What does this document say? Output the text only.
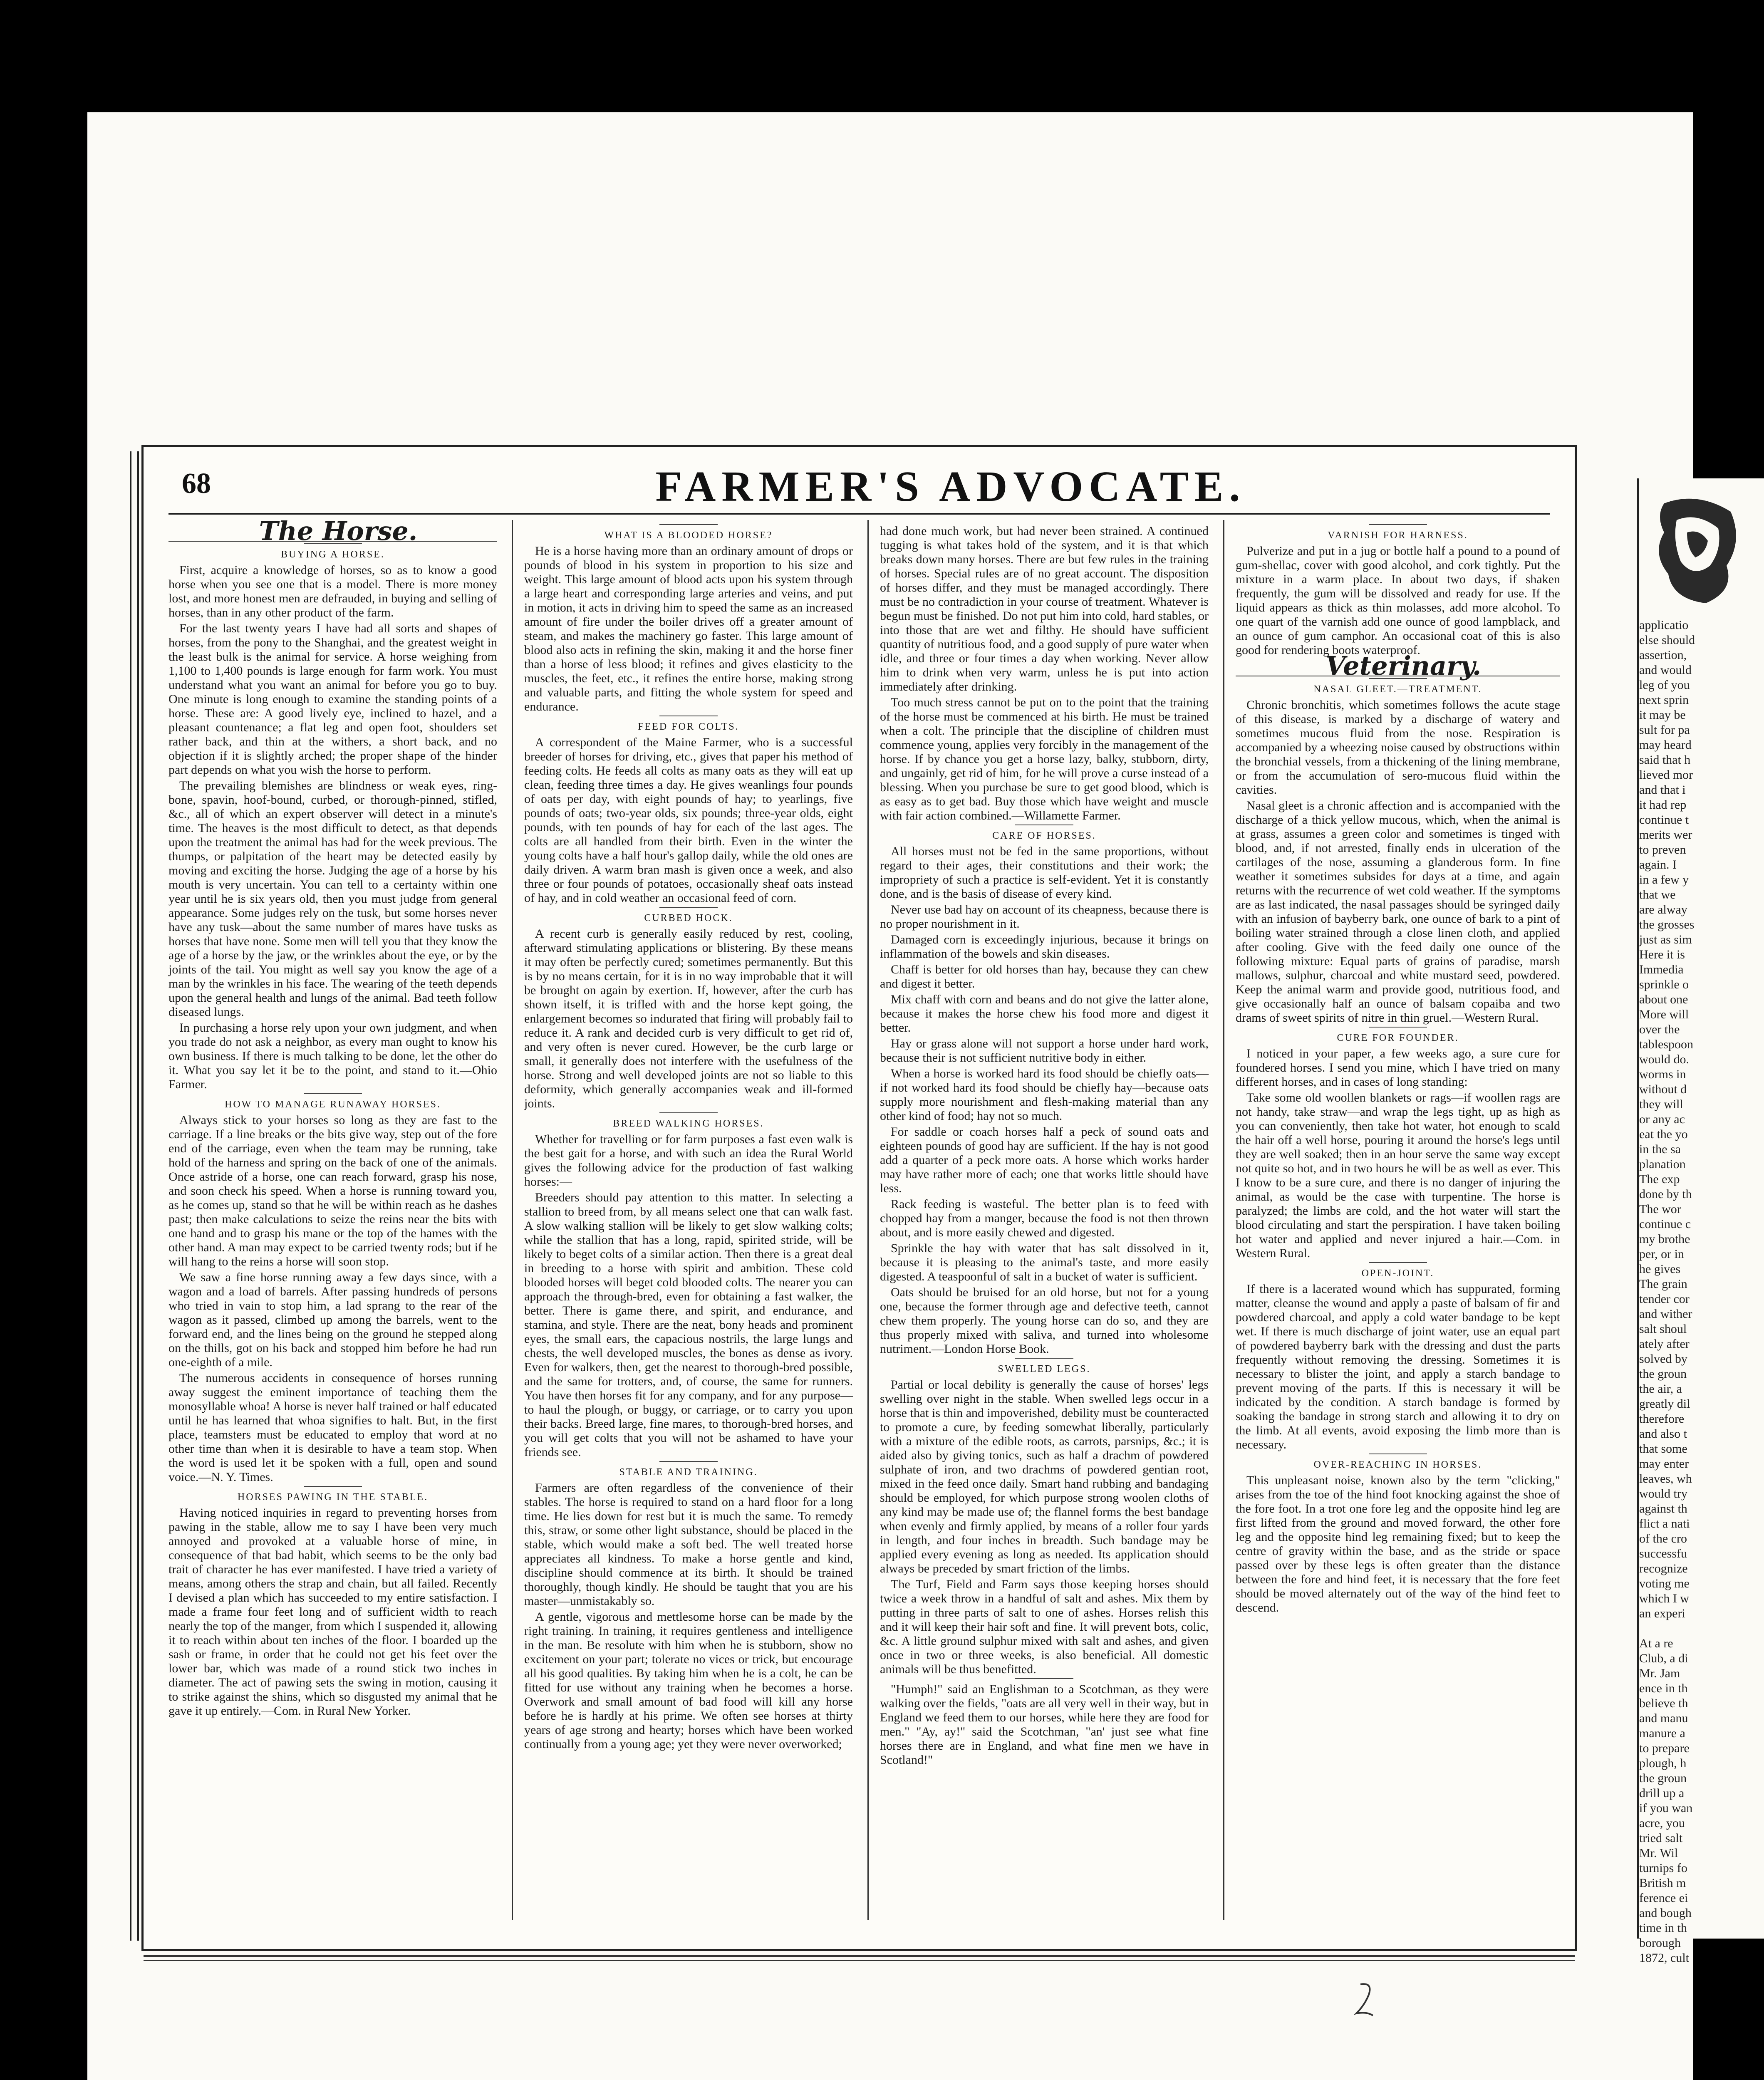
68	FARMER'S ADVOCATE.

The Horse.

BUYING A HORSE.

First, acquire a knowledge of horses, so as to know a good horse when you see one that is a model. There is more money lost, and more honest men are defrauded, in buying and selling of horses, than in any other product of the farm.

For the last twenty years I have had all sorts and shapes of horses, from the pony to the Shanghai, and the greatest weight in the least bulk is the animal for service. A horse weighing from 1,100 to 1,400 pounds is large enough for farm work. You must understand what you want an animal for before you go to buy. One minute is long enough to examine the standing points of a horse. These are: A good lively eye, inclined to hazel, and a pleasant countenance; a flat leg and open foot, shoulders set rather back, and thin at the withers, a short back, and no objection if it is slightly arched; the proper shape of the hinder part depends on what you wish the horse to perform.

The prevailing blemishes are blindness or weak eyes, ring-bone, spavin, hoof-bound, curbed, or thorough-pinned, stifled, &c., all of which an expert observer will detect in a minute's time. The heaves is the most difficult to detect, as that depends upon the treatment the animal has had for the week previous. The thumps, or palpitation of the heart may be detected easily by moving and exciting the horse. Judging the age of a horse by his mouth is very uncertain. You can tell to a certainty within one year until he is six years old, then you must judge from general appearance. Some judges rely on the tusk, but some horses never have any tusk—about the same number of mares have tusks as horses that have none. Some men will tell you that they know the age of a horse by the jaw, or the wrinkles about the eye, or by the joints of the tail. You might as well say you know the age of a man by the wrinkles in his face. The wearing of the teeth depends upon the general health and lungs of the animal. Bad teeth follow diseased lungs.

In purchasing a horse rely upon your own judgment, and when you trade do not ask a neighbor, as every man ought to know his own business. If there is much talking to be done, let the other do it. What you say let it be to the point, and stand to it.—Ohio Farmer.

HOW TO MANAGE RUNAWAY HORSES.

Always stick to your horses so long as they are fast to the carriage. If a line breaks or the bits give way, step out of the fore end of the carriage, even when the team may be running, take hold of the harness and spring on the back of one of the animals. Once astride of a horse, one can reach forward, grasp his nose, and soon check his speed. When a horse is running toward you, as he comes up, stand so that he will be within reach as he dashes past; then make calculations to seize the reins near the bits with one hand and to grasp his mane or the top of the hames with the other hand. A man may expect to be carried twenty rods; but if he will hang to the reins a horse will soon stop.

We saw a fine horse running away a few days since, with a wagon and a load of barrels. After passing hundreds of persons who tried in vain to stop him, a lad sprang to the rear of the wagon as it passed, climbed up among the barrels, went to the forward end, and the lines being on the ground he stepped along on the thills, got on his back and stopped him before he had run one-eighth of a mile.

The numerous accidents in consequence of horses running away suggest the eminent importance of teaching them the monosyllable whoa! A horse is never half trained or half educated until he has learned that whoa signifies to halt. But, in the first place, teamsters must be educated to employ that word at no other time than when it is desirable to have a team stop. When the word is used let it be spoken with a full, open and sound voice.—N. Y. Times.

HORSES PAWING IN THE STABLE.

Having noticed inquiries in regard to preventing horses from pawing in the stable, allow me to say I have been very much annoyed and provoked at a valuable horse of mine, in consequence of that bad habit, which seems to be the only bad trait of character he has ever manifested. I have tried a variety of means, among others the strap and chain, but all failed. Recently I devised a plan which has succeeded to my entire satisfaction. I made a frame four feet long and of sufficient width to reach nearly the top of the manger, from which I suspended it, allowing it to reach within about ten inches of the floor. I boarded up the sash or frame, in order that he could not get his feet over the lower bar, which was made of a round stick two inches in diameter. The act of pawing sets the swing in motion, causing it to strike against the shins, which so disgusted my animal that he gave it up entirely.—Com. in Rural New Yorker.

WHAT IS A BLOODED HORSE?

He is a horse having more than an ordinary amount of drops or pounds of blood in his system in proportion to his size and weight. This large amount of blood acts upon his system through a large heart and corresponding large arteries and veins, and put in motion, it acts in driving him to speed the same as an increased amount of fire under the boiler drives off a greater amount of steam, and makes the machinery go faster. This large amount of blood also acts in refining the skin, making it and the horse finer than a horse of less blood; it refines and gives elasticity to the muscles, the feet, etc., it refines the entire horse, making strong and valuable parts, and fitting the whole system for speed and endurance.

FEED FOR COLTS.

A correspondent of the Maine Farmer, who is a successful breeder of horses for driving, etc., gives that paper his method of feeding colts. He feeds all colts as many oats as they will eat up clean, feeding three times a day. He gives weanlings four pounds of oats per day, with eight pounds of hay; to yearlings, five pounds of oats; two-year olds, six pounds; three-year olds, eight pounds, with ten pounds of hay for each of the last ages. The colts are all handled from their birth. Even in the winter the young colts have a half hour's gallop daily, while the old ones are daily driven. A warm bran mash is given once a week, and also three or four pounds of potatoes, occasionally sheaf oats instead of hay, and in cold weather an occasional feed of corn.

CURBED HOCK.

A recent curb is generally easily reduced by rest, cooling, afterward stimulating applications or blistering. By these means it may often be perfectly cured; sometimes permanently. But this is by no means certain, for it is in no way improbable that it will be brought on again by exertion. If, however, after the curb has shown itself, it is trifled with and the horse kept going, the enlargement becomes so indurated that firing will probably fail to reduce it. A rank and decided curb is very difficult to get rid of, and very often is never cured. However, be the curb large or small, it generally does not interfere with the usefulness of the horse. Strong and well developed joints are not so liable to this deformity, which generally accompanies weak and ill-formed joints.

BREED WALKING HORSES.

Whether for travelling or for farm purposes a fast even walk is the best gait for a horse, and with such an idea the Rural World gives the following advice for the production of fast walking horses:—

Breeders should pay attention to this matter. In selecting a stallion to breed from, by all means select one that can walk fast. A slow walking stallion will be likely to get slow walking colts; while the stallion that has a long, rapid, spirited stride, will be likely to beget colts of a similar action. Then there is a great deal in breeding to a horse with spirit and ambition. These cold blooded horses will beget cold blooded colts. The nearer you can approach the through-bred, even for obtaining a fast walker, the better. There is game there, and spirit, and endurance, and stamina, and style. There are the neat, bony heads and prominent eyes, the small ears, the capacious nostrils, the large lungs and chests, the well developed muscles, the bones as dense as ivory. Even for walkers, then, get the nearest to thorough-bred possible, and the same for trotters, and, of course, the same for runners. You have then horses fit for any company, and for any purpose—to haul the plough, or buggy, or carriage, or to carry you upon their backs. Breed large, fine mares, to thorough-bred horses, and you will get colts that you will not be ashamed to have your friends see.

STABLE AND TRAINING.

Farmers are often regardless of the convenience of their stables. The horse is required to stand on a hard floor for a long time. He lies down for rest but it is much the same. To remedy this, straw, or some other light substance, should be placed in the stable, which would make a soft bed. The well treated horse appreciates all kindness. To make a horse gentle and kind, discipline should commence at its birth. It should be trained thoroughly, though kindly. He should be taught that you are his master—unmistakably so.

A gentle, vigorous and mettlesome horse can be made by the right training. In training, it requires gentleness and intelligence in the man. Be resolute with him when he is stubborn, show no excitement on your part; tolerate no vices or trick, but encourage all his good qualities. By taking him when he is a colt, he can be fitted for use without any training when he becomes a horse. Overwork and small amount of bad food will kill any horse before he is hardly at his prime. We often see horses at thirty years of age strong and hearty; horses which have been worked continually from a young age; yet they were never overworked;

had done much work, but had never been strained. A continued tugging is what takes hold of the system, and it is that which breaks down many horses. There are but few rules in the training of horses. Special rules are of no great account. The disposition of horses differ, and they must be managed accordingly. There must be no contradiction in your course of treatment. Whatever is begun must be finished. Do not put him into cold, hard stables, or into those that are wet and filthy. He should have sufficient quantity of nutritious food, and a good supply of pure water when idle, and three or four times a day when working. Never allow him to drink when very warm, unless he is put into action immediately after drinking.

Too much stress cannot be put on to the point that the training of the horse must be commenced at his birth. He must be trained when a colt. The principle that the discipline of children must commence young, applies very forcibly in the management of the horse. If by chance you get a horse lazy, balky, stubborn, dirty, and ungainly, get rid of him, for he will prove a curse instead of a blessing. When you purchase be sure to get good blood, which is as easy as to get bad. Buy those which have weight and muscle with fair action combined.—Willamette Farmer.

CARE OF HORSES.

All horses must not be fed in the same proportions, without regard to their ages, their constitutions and their work; the impropriety of such a practice is self-evident. Yet it is constantly done, and is the basis of disease of every kind.

Never use bad hay on account of its cheapness, because there is no proper nourishment in it.

Damaged corn is exceedingly injurious, because it brings on inflammation of the bowels and skin diseases.

Chaff is better for old horses than hay, because they can chew and digest it better.

Mix chaff with corn and beans and do not give the latter alone, because it makes the horse chew his food more and digest it better.

Hay or grass alone will not support a horse under hard work, because their is not sufficient nutritive body in either.

When a horse is worked hard its food should be chiefly oats—if not worked hard its food should be chiefly hay—because oats supply more nourishment and flesh-making material than any other kind of food; hay not so much.

For saddle or coach horses half a peck of sound oats and eighteen pounds of good hay are sufficient. If the hay is not good add a quarter of a peck more oats. A horse which works harder may have rather more of each; one that works little should have less.

Rack feeding is wasteful. The better plan is to feed with chopped hay from a manger, because the food is not then thrown about, and is more easily chewed and digested.

Sprinkle the hay with water that has salt dissolved in it, because it is pleasing to the animal's taste, and more easily digested. A teaspoonful of salt in a bucket of water is sufficient.

Oats should be bruised for an old horse, but not for a young one, because the former through age and defective teeth, cannot chew them properly. The young horse can do so, and they are thus properly mixed with saliva, and turned into wholesome nutriment.—London Horse Book.

SWELLED LEGS.

Partial or local debility is generally the cause of horses' legs swelling over night in the stable. When swelled legs occur in a horse that is thin and impoverished, debility must be counteracted to promote a cure, by feeding somewhat liberally, particularly with a mixture of the edible roots, as carrots, parsnips, &c.; it is aided also by giving tonics, such as half a drachm of powdered sulphate of iron, and two drachms of powdered gentian root, mixed in the feed once daily. Smart hand rubbing and bandaging should be employed, for which purpose strong woolen cloths of any kind may be made use of; the flannel forms the best bandage when evenly and firmly applied, by means of a roller four yards in length, and four inches in breadth. Such bandage may be applied every evening as long as needed. Its application should always be preceded by smart friction of the limbs.

The Turf, Field and Farm says those keeping horses should twice a week throw in a handful of salt and ashes. Mix them by putting in three parts of salt to one of ashes. Horses relish this and it will keep their hair soft and fine. It will prevent bots, colic, &c. A little ground sulphur mixed with salt and ashes, and given once in two or three weeks, is also beneficial. All domestic animals will be thus benefitted.

"Humph!" said an Englishman to a Scotchman, as they were walking over the fields, "oats are all very well in their way, but in England we feed them to our horses, while here they are food for men." "Ay, ay!" said the Scotchman, "an' just see what fine horses there are in England, and what fine men we have in Scotland!"

VARNISH FOR HARNESS.

Pulverize and put in a jug or bottle half a pound to a pound of gum-shellac, cover with good alcohol, and cork tightly. Put the mixture in a warm place. In about two days, if shaken frequently, the gum will be dissolved and ready for use. If the liquid appears as thick as thin molasses, add more alcohol. To one quart of the varnish add one ounce of good lampblack, and an ounce of gum camphor. An occasional coat of this is also good for rendering boots waterproof.

Veterinary.

NASAL GLEET.—TREATMENT.

Chronic bronchitis, which sometimes follows the acute stage of this disease, is marked by a discharge of watery and sometimes mucous fluid from the nose. Respiration is accompanied by a wheezing noise caused by obstructions within the bronchial vessels, from a thickening of the lining membrane, or from the accumulation of sero-mucous fluid within the cavities.

Nasal gleet is a chronic affection and is accompanied with the discharge of a thick yellow mucous, which, when the animal is at grass, assumes a green color and sometimes is tinged with blood, and, if not arrested, finally ends in ulceration of the cartilages of the nose, assuming a glanderous form. In fine weather it sometimes subsides for days at a time, and again returns with the recurrence of wet cold weather. If the symptoms are as last indicated, the nasal passages should be syringed daily with an infusion of bayberry bark, one ounce of bark to a pint of boiling water strained through a close linen cloth, and applied after cooling. Give with the feed daily one ounce of the following mixture: Equal parts of grains of paradise, marsh mallows, sulphur, charcoal and white mustard seed, powdered. Keep the animal warm and provide good, nutritious food, and give occasionally half an ounce of balsam copaiba and two drams of sweet spirits of nitre in thin gruel.—Western Rural.

CURE FOR FOUNDER.

I noticed in your paper, a few weeks ago, a sure cure for foundered horses. I send you mine, which I have tried on many different horses, and in cases of long standing:

Take some old woollen blankets or rags—if woollen rags are not handy, take straw—and wrap the legs tight, up as high as you can conveniently, then take hot water, hot enough to scald the hair off a well horse, pouring it around the horse's legs until they are well soaked; then in an hour serve the same way except not quite so hot, and in two hours he will be as well as ever. This I know to be a sure cure, and there is no danger of injuring the animal, as would be the case with turpentine. The horse is paralyzed; the limbs are cold, and the hot water will start the blood circulating and start the perspiration. I have taken boiling hot water and applied and never injured a hair.—Com. in Western Rural.

OPEN-JOINT.

If there is a lacerated wound which has suppurated, forming matter, cleanse the wound and apply a paste of balsam of fir and powdered charcoal, and apply a cold water bandage to be kept wet. If there is much discharge of joint water, use an equal part of powdered bayberry bark with the dressing and dust the parts frequently without removing the dressing. Sometimes it is necessary to blister the joint, and apply a starch bandage to prevent moving of the parts. If this is necessary it will be indicated by the condition. A starch bandage is formed by soaking the bandage in strong starch and allowing it to dry on the limb. At all events, avoid exposing the limb more than is necessary.

OVER-REACHING IN HORSES.

This unpleasant noise, known also by the term "clicking," arises from the toe of the hind foot knocking against the shoe of the fore foot. In a trot one fore leg and the opposite hind leg are first lifted from the ground and moved forward, the other fore leg and the opposite hind leg remaining fixed; but to keep the centre of gravity within the base, and as the stride or space passed over by these legs is often greater than the distance between the fore and hind feet, it is necessary that the fore feet should be moved alternately out of the way of the hind feet to descend.

applicatio

else should

assertion,

and would

leg of you

next sprin

it may be

sult for pa

may heard

said that h

lieved mor

and that i

it had rep

continue t

merits wer

to preven

again. I

in a few y

that we

are alway

the grosses

just as sim

Here it is

Immedia

sprinkle o

about one

More will

over the

tablespoon

would do.

worms in

without d

they will

or any ac

eat the yo

in the sa

planation

The exp

done by th

The wor

continue c

my brothe

per, or in

he gives

The grain

tender cor

and wither

salt shoul

ately after

solved by

the groun

the air, a

greatly dil

therefore

and also t

that some

may enter

leaves, wh

would try

against th

flict a nati

of the cro

successfu

recognize

voting me

which I w

an experi

At a re

Club, a di

Mr. Jam

ence in th

believe th

and manu

manure a

to prepare

plough, h

the groun

drill up a

if you wan

acre, you

tried salt

Mr. Wil

turnips fo

British m

ference ei

and bough

time in th

borough

1872, cult
